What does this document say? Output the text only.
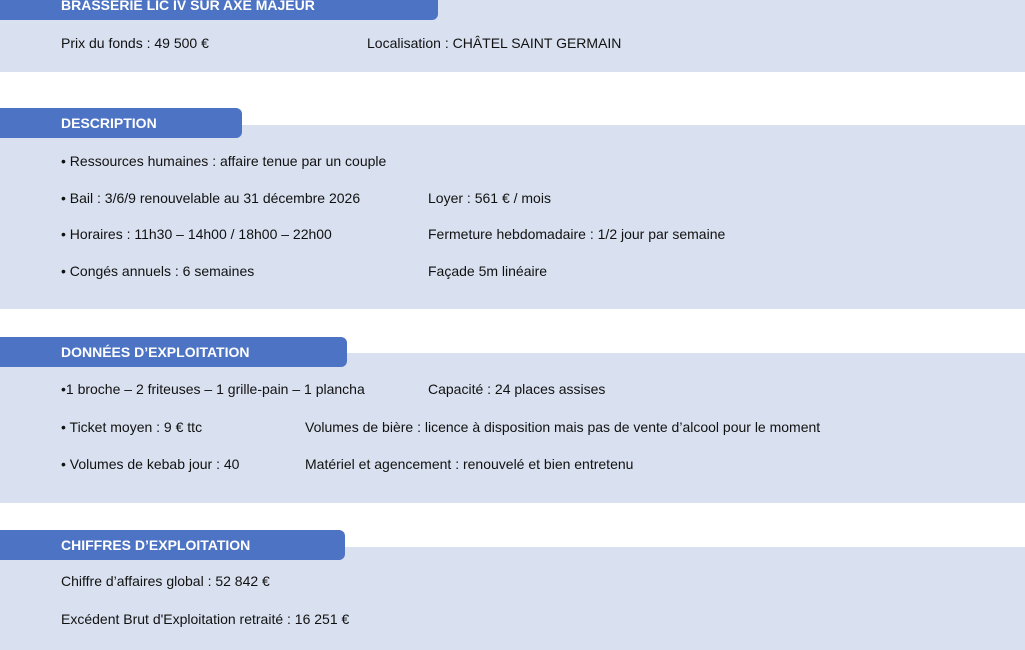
BRASSERIE LIC IV SUR AXE MAJEUR
Prix du fonds : 49 500 €	Localisation : CHÂTEL SAINT GERMAIN
DESCRIPTION
• Ressources humaines : affaire tenue par un couple
• Bail : 3/6/9 renouvelable au 31 décembre 2026	Loyer : 561 € / mois
• Horaires : 11h30 – 14h00 / 18h00 – 22h00	Fermeture hebdomadaire : 1/2 jour par semaine
• Congés annuels : 6 semaines	Façade 5m linéaire
DONNÉES D’EXPLOITATION
•1 broche – 2 friteuses – 1 grille-pain – 1 plancha	Capacité : 24 places assises
• Ticket moyen : 9 € ttc	Volumes de bière : licence à disposition mais pas de vente d’alcool pour le moment
• Volumes de kebab jour : 40	Matériel et agencement : renouvelé et bien entretenu
CHIFFRES D’EXPLOITATION
Chiffre d’affaires global : 52 842 €
Excédent Brut d'Exploitation retraité : 16 251 €
